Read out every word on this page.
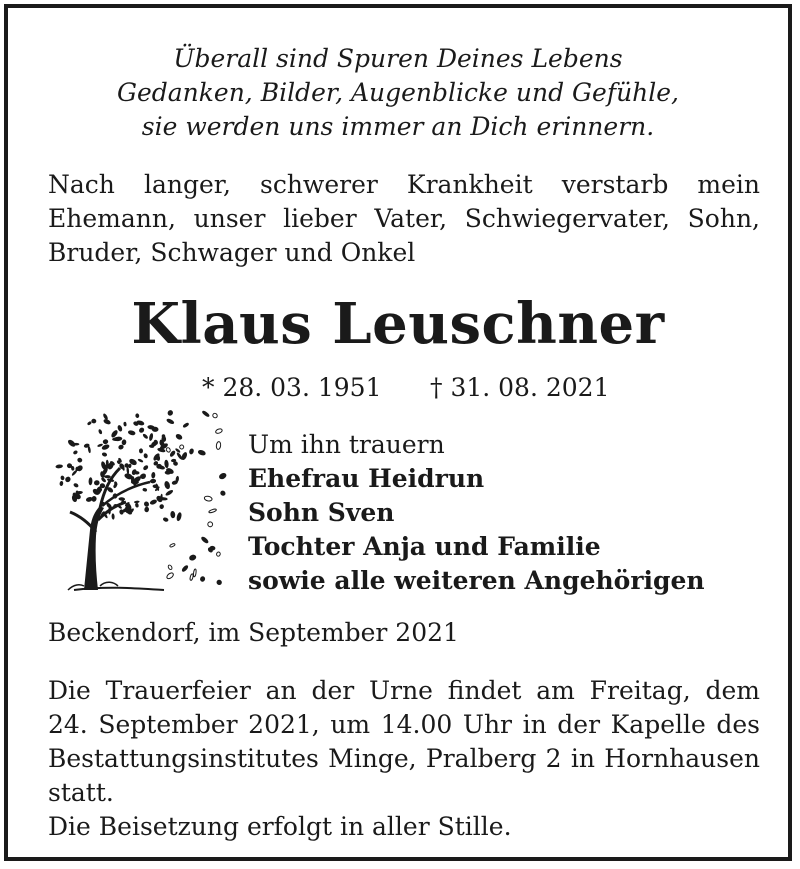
Überall sind Spuren Deines Lebens
Gedanken, Bilder, Augenblicke und Gefühle,
sie werden uns immer an Dich erinnern.
Nach langer, schwerer Krankheit verstarb mein Ehemann, unser lieber Vater, Schwiegervater, Sohn, Bruder, Schwager und Onkel
Klaus Leuschner
* 28. 03. 1951 † 31. 08. 2021
Um ihn trauern
Ehefrau Heidrun
Sohn Sven
Tochter Anja und Familie
sowie alle weiteren Angehörigen
Beckendorf, im September 2021
Die Trauerfeier an der Urne findet am Freitag, dem
24. September 2021, um 14.00 Uhr in der Kapelle des
Bestattungsinstitutes Minge, Pralberg 2 in Hornhausen
statt.
Die Beisetzung erfolgt in aller Stille.
